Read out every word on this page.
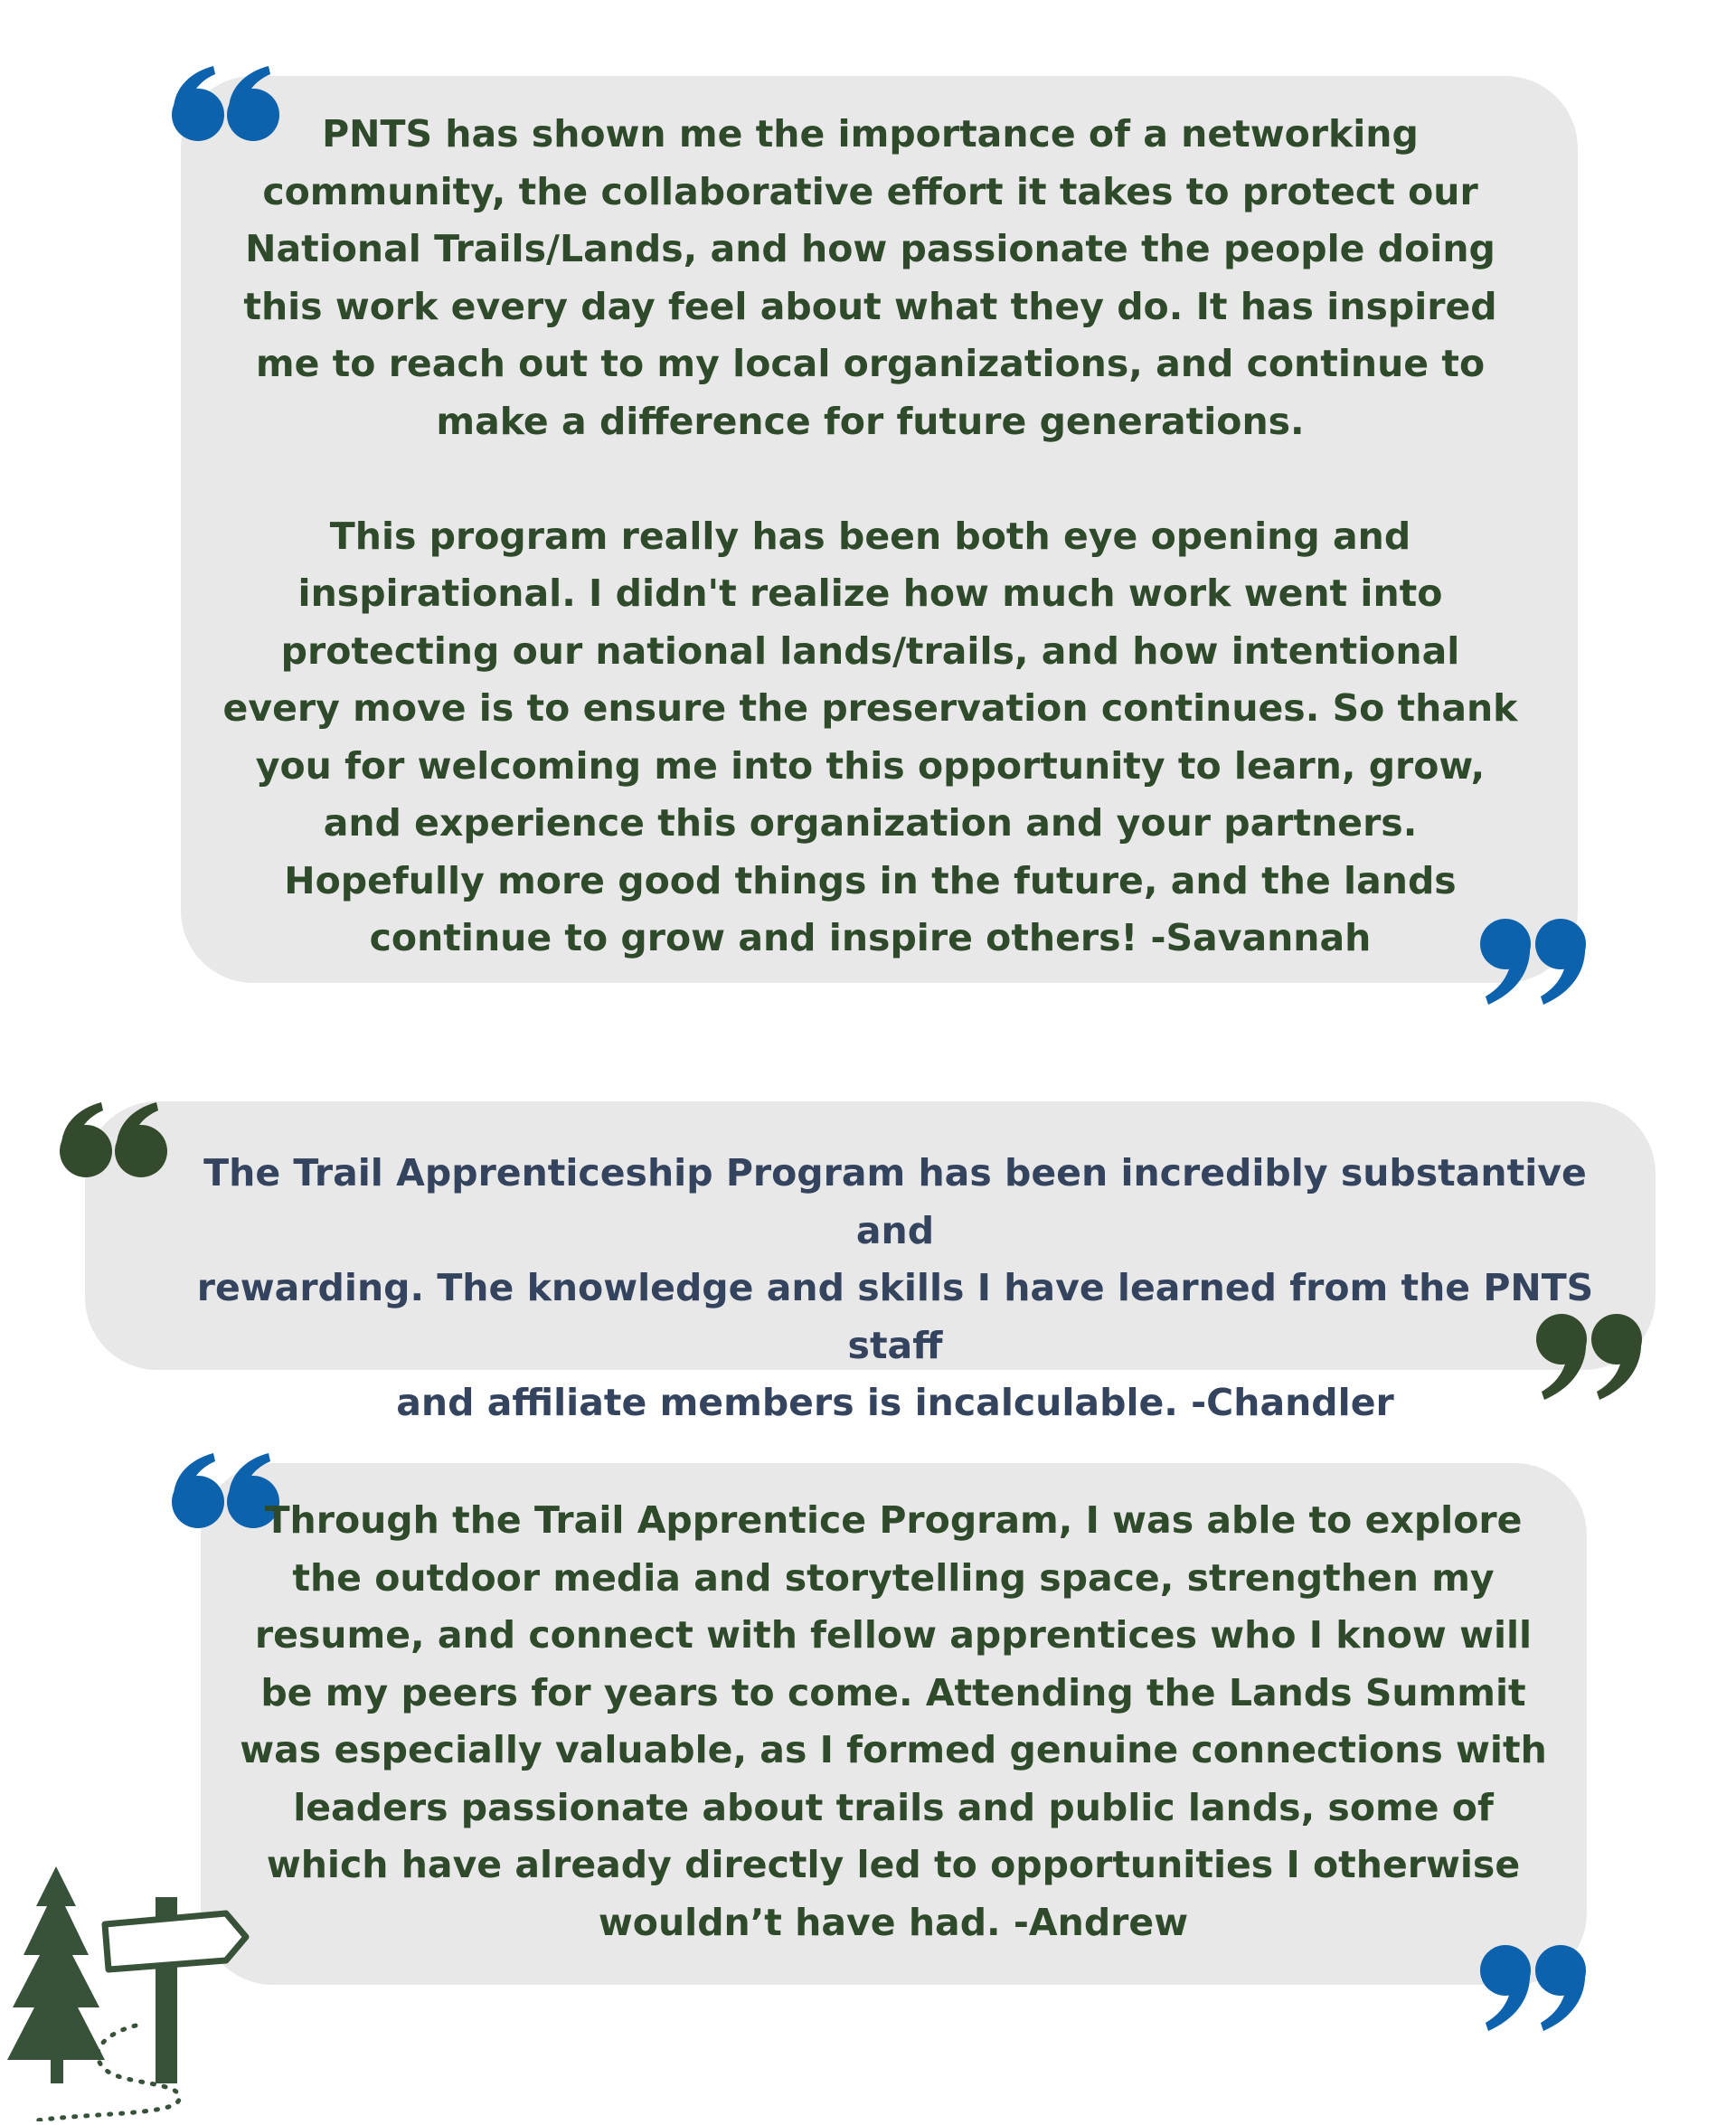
PNTS has shown me the importance of a networking
community, the collaborative effort it takes to protect our
National Trails/Lands, and how passionate the people doing
this work every day feel about what they do. It has inspired
me to reach out to my local organizations, and continue to
make a difference for future generations.

This program really has been both eye opening and
inspirational. I didn't realize how much work went into
protecting our national lands/trails, and how intentional
every move is to ensure the preservation continues. So thank
you for welcoming me into this opportunity to learn, grow,
and experience this organization and your partners.
Hopefully more good things in the future, and the lands
continue to grow and inspire others! -Savannah

The Trail Apprenticeship Program has been incredibly substantive and
rewarding. The knowledge and skills I have learned from the PNTS staff
and affiliate members is incalculable. -Chandler

Through the Trail Apprentice Program, I was able to explore
the outdoor media and storytelling space, strengthen my
resume, and connect with fellow apprentices who I know will
be my peers for years to come. Attending the Lands Summit
was especially valuable, as I formed genuine connections with
leaders passionate about trails and public lands, some of
which have already directly led to opportunities I otherwise
wouldn’t have had. -Andrew
